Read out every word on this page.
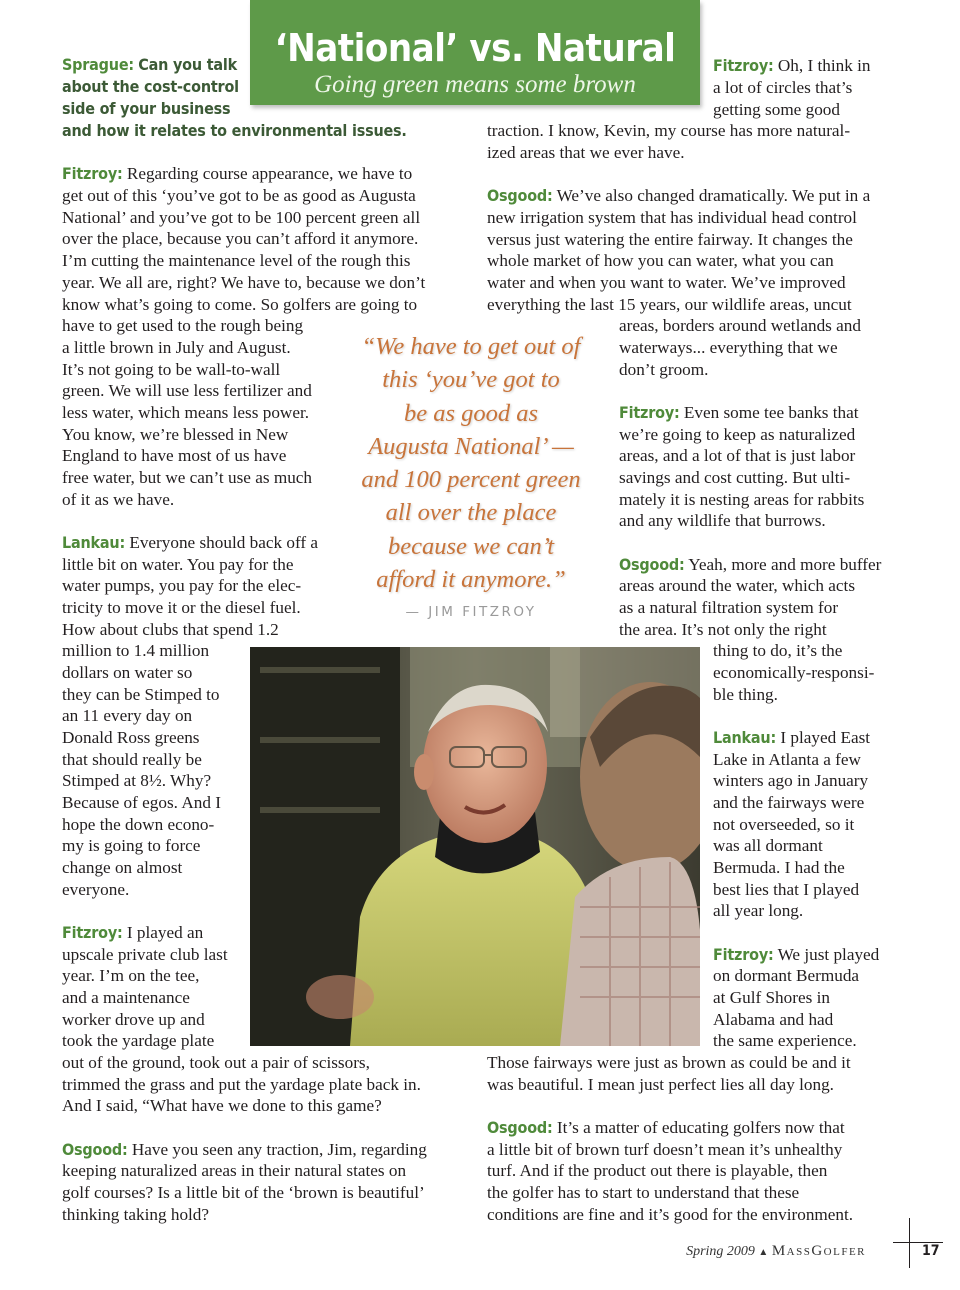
‘National’ vs. Natural

Going green means some brown

Sprague: Can you talk

about the cost-control

side of your business

and how it relates to environmental issues.

Fitzroy: Regarding course appearance, we have to

get out of this ‘you’ve got to be as good as Augusta

National’ and you’ve got to be 100 percent green all

over the place, because you can’t afford it anymore.

I’m cutting the maintenance level of the rough this

year. We all are, right? We have to, because we don’t

know what’s going to come. So golfers are going to

have to get used to the rough being

a little brown in July and August.

It’s not going to be wall-to-wall

green. We will use less fertilizer and

less water, which means less power.

You know, we’re blessed in New

England to have most of us have

free water, but we can’t use as much

of it as we have.

Lankau: Everyone should back off a

little bit on water. You pay for the

water pumps, you pay for the elec-

tricity to move it or the diesel fuel.

How about clubs that spend 1.2

million to 1.4 million

dollars on water so

they can be Stimped to

an 11 every day on

Donald Ross greens

that should really be

Stimped at 8½. Why?

Because of egos. And I

hope the down econo-

my is going to force

change on almost

everyone.

Fitzroy: I played an

upscale private club last

year. I’m on the tee,

and a maintenance

worker drove up and

took the yardage plate

out of the ground, took out a pair of scissors,

trimmed the grass and put the yardage plate back in.

And I said, “What have we done to this game?

Osgood: Have you seen any traction, Jim, regarding

keeping naturalized areas in their natural states on

golf courses? Is a little bit of the ‘brown is beautiful’

thinking taking hold?

Fitzroy: Oh, I think in

a lot of circles that’s

getting some good

traction. I know, Kevin, my course has more natural-

ized areas that we ever have.

Osgood: We’ve also changed dramatically. We put in a

new irrigation system that has individual head control

versus just watering the entire fairway. It changes the

whole market of how you can water, what you can

water and when you want to water. We’ve improved

everything the last 15 years, our wildlife areas, uncut

areas, borders around wetlands and

waterways... everything that we

don’t groom.

Fitzroy: Even some tee banks that

we’re going to keep as naturalized

areas, and a lot of that is just labor

savings and cost cutting. But ulti-

mately it is nesting areas for rabbits

and any wildlife that burrows.

Osgood: Yeah, more and more buffer

areas around the water, which acts

as a natural filtration system for

the area. It’s not only the right

thing to do, it’s the

economically-responsi-

ble thing.

Lankau: I played East

Lake in Atlanta a few

winters ago in January

and the fairways were

not overseeded, so it

was all dormant

Bermuda. I had the

best lies that I played

all year long.

Fitzroy: We just played

on dormant Bermuda

at Gulf Shores in

Alabama and had

the same experience.

Those fairways were just as brown as could be and it

was beautiful. I mean just perfect lies all day long.

Osgood: It’s a matter of educating golfers now that

a little bit of brown turf doesn’t mean it’s unhealthy

turf. And if the product out there is playable, then

the golfer has to start to understand that these

conditions are fine and it’s good for the environment.

“We have to get out of
this ‘you’ve got to
be as good as
Augusta National’ —
and 100 percent green
all over the place
because we can’t
afford it anymore.”

— JIM FITZROY

Spring 2009 ▲ MassGolfer	17
